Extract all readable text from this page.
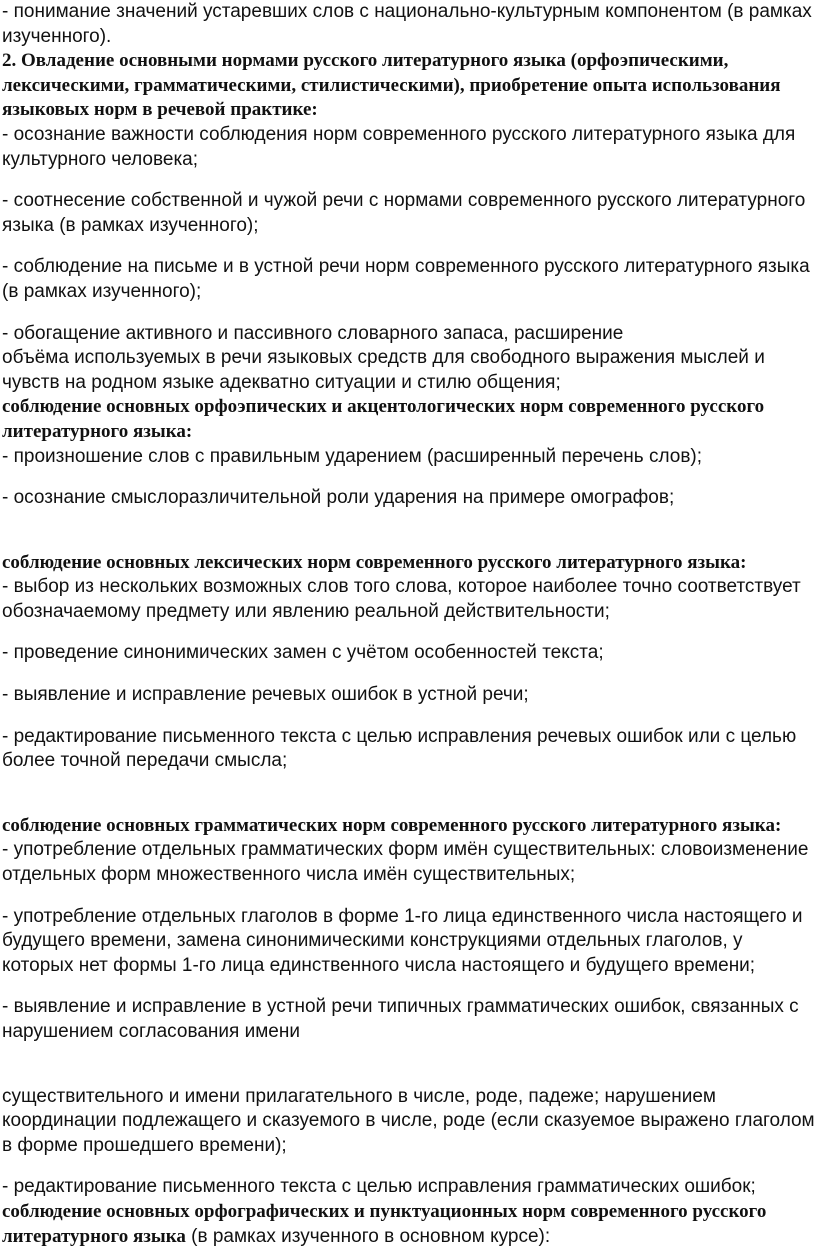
- понимание значений устаревших слов с национально-культурным компонентом (в рамках изученного).

2. Овладение основными нормами русского литературного языка (орфоэпическими, лексическими, грамматическими, стилистическими), приобретение опыта использования языковых норм в речевой практике:

- осознание важности соблюдения норм современного русского литературного языка для культурного человека;

- соотнесение собственной и чужой речи с нормами современного русского литературного языка (в рамках изученного);

- соблюдение на письме и в устной речи норм современного русского литературного языка (в рамках изученного);

- обогащение активного и пассивного словарного запаса, расширение

объёма используемых в речи языковых средств для свободного выражения мыслей и чувств на родном языке адекватно ситуации и стилю общения;

соблюдение основных орфоэпических и акцентологических норм современного русского литературного языка:

- произношение слов с правильным ударением (расширенный перечень слов);

- осознание смыслоразличительной роли ударения на примере омографов;

соблюдение основных лексических норм современного русского литературного языка:

- выбор из нескольких возможных слов того слова, которое наиболее точно соответствует обозначаемому предмету или явлению реальной действительности;

- проведение синонимических замен с учётом особенностей текста;

- выявление и исправление речевых ошибок в устной речи;

- редактирование письменного текста с целью исправления речевых ошибок или с целью более точной передачи смысла;

соблюдение основных грамматических норм современного русского литературного языка:

- употребление отдельных грамматических форм имён существительных: словоизменение отдельных форм множественного числа имён существительных;

- употребление отдельных глаголов в форме 1-го лица единственного числа настоящего и будущего времени, замена синонимическими конструкциями отдельных глаголов, у которых нет формы 1-го лица единственного числа настоящего и будущего времени;

- выявление и исправление в устной речи типичных грамматических ошибок, связанных с нарушением согласования имени

существительного и имени прилагательного в числе, роде, падеже; нарушением координации подлежащего и сказуемого в числе, роде (если сказуемое выражено глаголом в форме прошедшего времени);

- редактирование письменного текста с целью исправления грамматических ошибок;

соблюдение основных орфографических и пунктуационных норм современного русского литературного языка (в рамках изученного в основном курсе):
